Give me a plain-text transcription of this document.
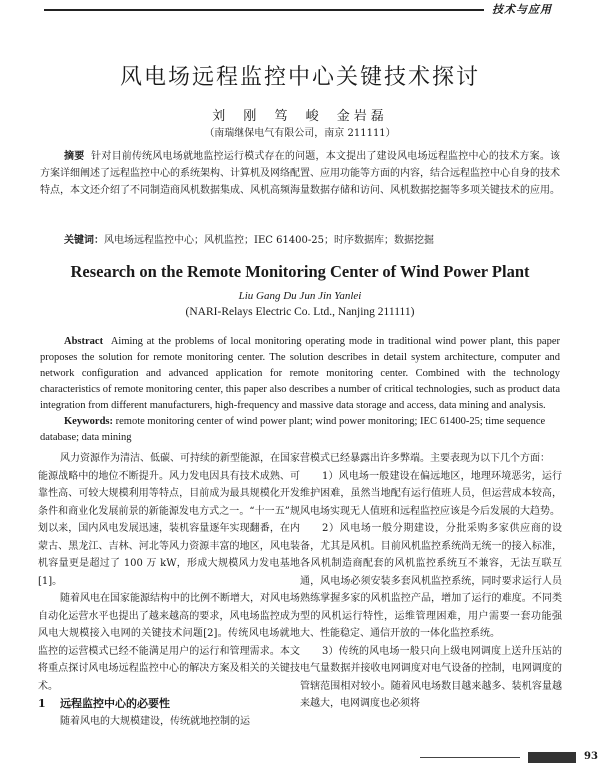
技术与应用
风电场远程监控中心关键技术探讨
刘 刚 笃 峻 金岩磊
（南瑞继保电气有限公司，南京 211111）
摘要 针对目前传统风电场就地监控运行模式存在的问题，本文提出了建设风电场远程监控中心的技术方案。该方案详细阐述了远程监控中心的系统架构、计算机及网络配置、应用功能等方面的内容，结合远程监控中心自身的技术特点，本文还介绍了不同制造商风机数据集成、风机高频海量数据存储和访问、风机数据挖掘等多项关键技术的应用。
关键词：风电场远程监控中心；风机监控；IEC 61400-25；时序数据库；数据挖掘
Research on the Remote Monitoring Center of Wind Power Plant
Liu Gang Du Jun Jin Yanlei
(NARI-Relays Electric Co. Ltd., Nanjing 211111)
Abstract Aiming at the problems of local monitoring operating mode in traditional wind power plant, this paper proposes the solution for remote monitoring center. The solution describes in detail system architecture, computer and network configuration and advanced application for remote monitoring center. Combined with the technology characteristics of remote monitoring center, this paper also describes a number of critical technologies, such as product data integration from different manufacturers, high-frequency and massive data storage and access, data mining and analysis.
Keywords: remote monitoring center of wind power plant; wind power monitoring; IEC 61400-25; time sequence database; data mining

风力资源作为清洁、低碳、可持续的新型能源，在国家能源战略中的地位不断提升。风力发电因具有技术成熟、可靠性高、可较大规模利用等特点，目前成为最具规模化开发条件和商业化发展前景的新能源发电方式之一。“十一五”规划以来，国内风电发展迅速，装机容量逐年实现翻番，在内蒙古、黑龙江、吉林、河北等风力资源丰富的地区，风电装机容量更是超过了 100 万 kW，形成大规模风力发电基地[1]。

随着风电在国家能源结构中的比例不断增大，对风电场自动化运营水平也提出了越来越高的要求，风电场监控成为风电大规模接入电网的关键技术问题[2]。传统风电场就地监控的运营模式已经不能满足用户的运行和管理需求。本文将重点探讨风电场远程监控中心的解决方案及相关的关键技术。

1 远程监控中心的必要性

随着风电的大规模建设，传统就地控制的运

营模式已经暴露出许多弊端。主要表现为以下几个方面：

1）风电场一般建设在偏远地区，地理环境恶劣，运行维护困难，虽然当地配有运行值班人员，但运营成本较高，风电场实现无人值班和远程监控应该是今后发展的大趋势。

2）风电场一般分期建设，分批采购多家供应商的设备，尤其是风机。目前风机监控系统尚无统一的接入标准，各风机制造商配套的风机监控系统互不兼容，无法互联互通，风电场必须安装多套风机监控系统，同时要求运行人员熟练掌握多家的风机监控产品，增加了运行的难度。不同类型的风机运行特性，运维管理困难，用户需要一套功能强大、性能稳定、通信开放的一体化监控系统。

3）传统的风电场一般只向上级电网调度上送升压站的电气量数据并接收电网调度对电气设备的控制，电网调度的管辖范围相对较小。随着风电场数目越来越多、装机容量越来越大，电网调度也必须将

93
